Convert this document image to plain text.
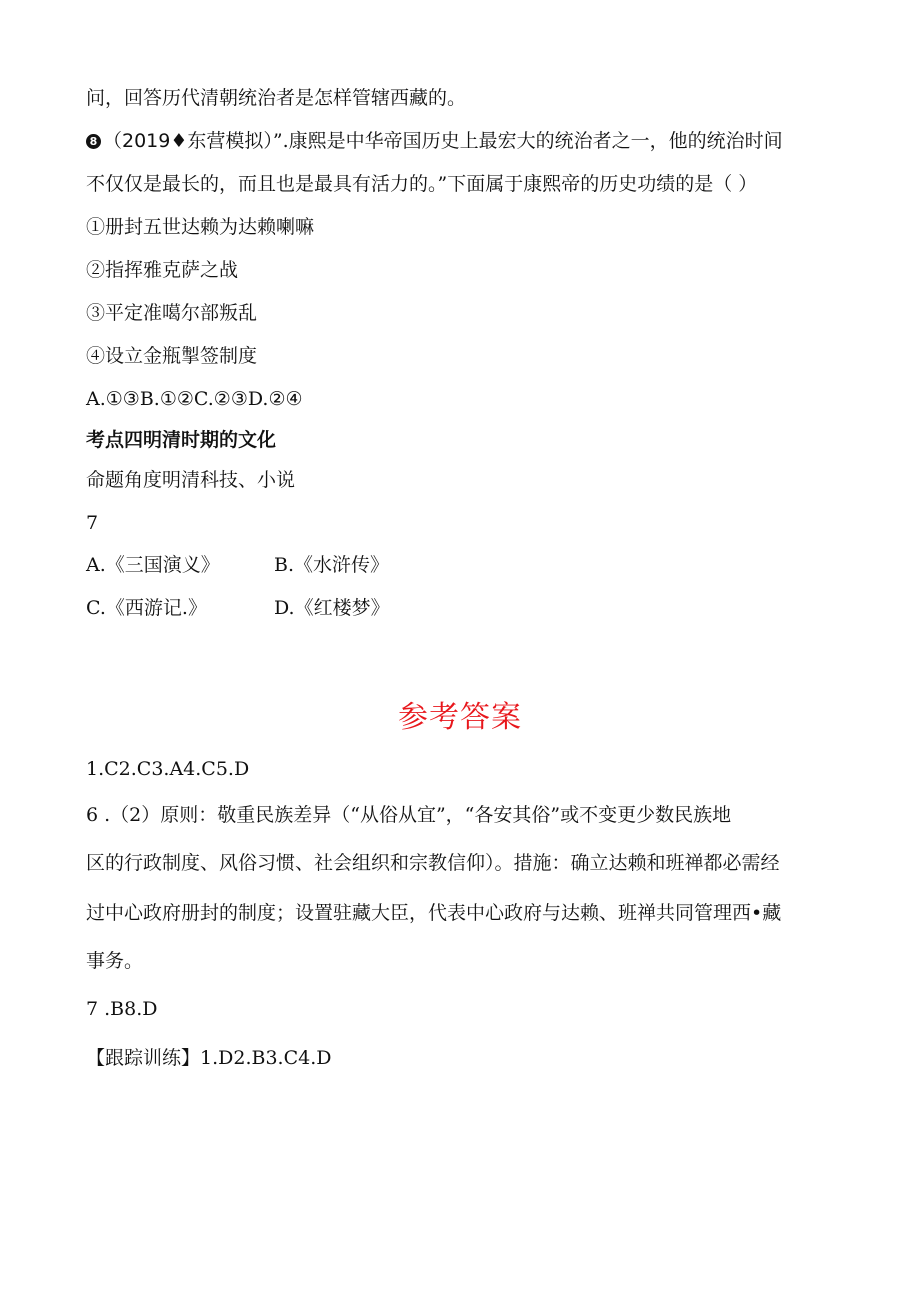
问，回答历代清朝统治者是怎样管辖西藏的。
8 （2019♦东营模拟）”.康熙是中华帝国历史上最宏大的统治者之一，他的统治时间
不仅仅是最长的，而且也是最具有活力的。”下面属于康熙帝的历史功绩的是（ ）
①册封五世达赖为达赖喇嘛
②指挥雅克萨之战
③平定准噶尔部叛乱
④设立金瓶掣签制度
A.①③B.①②C.②③D.②④
考点四明清时期的文化
命题角度明清科技、小说
7
A.《三国演义》	B.《水浒传》
C.《西游记.》	D.《红楼梦》
参考答案
1.C2.C3.A4.C5.D
6 .（2）原则：敬重民族差异（“从俗从宜”，“各安其俗”或不变更少数民族地
区的行政制度、风俗习惯、社会组织和宗教信仰）。措施：确立达赖和班禅都必需经
过中心政府册封的制度；设置驻藏大臣，代表中心政府与达赖、班禅共同管理西•藏
事务。
7 .B8.D
【跟踪训练】1.D2.B3.C4.D
